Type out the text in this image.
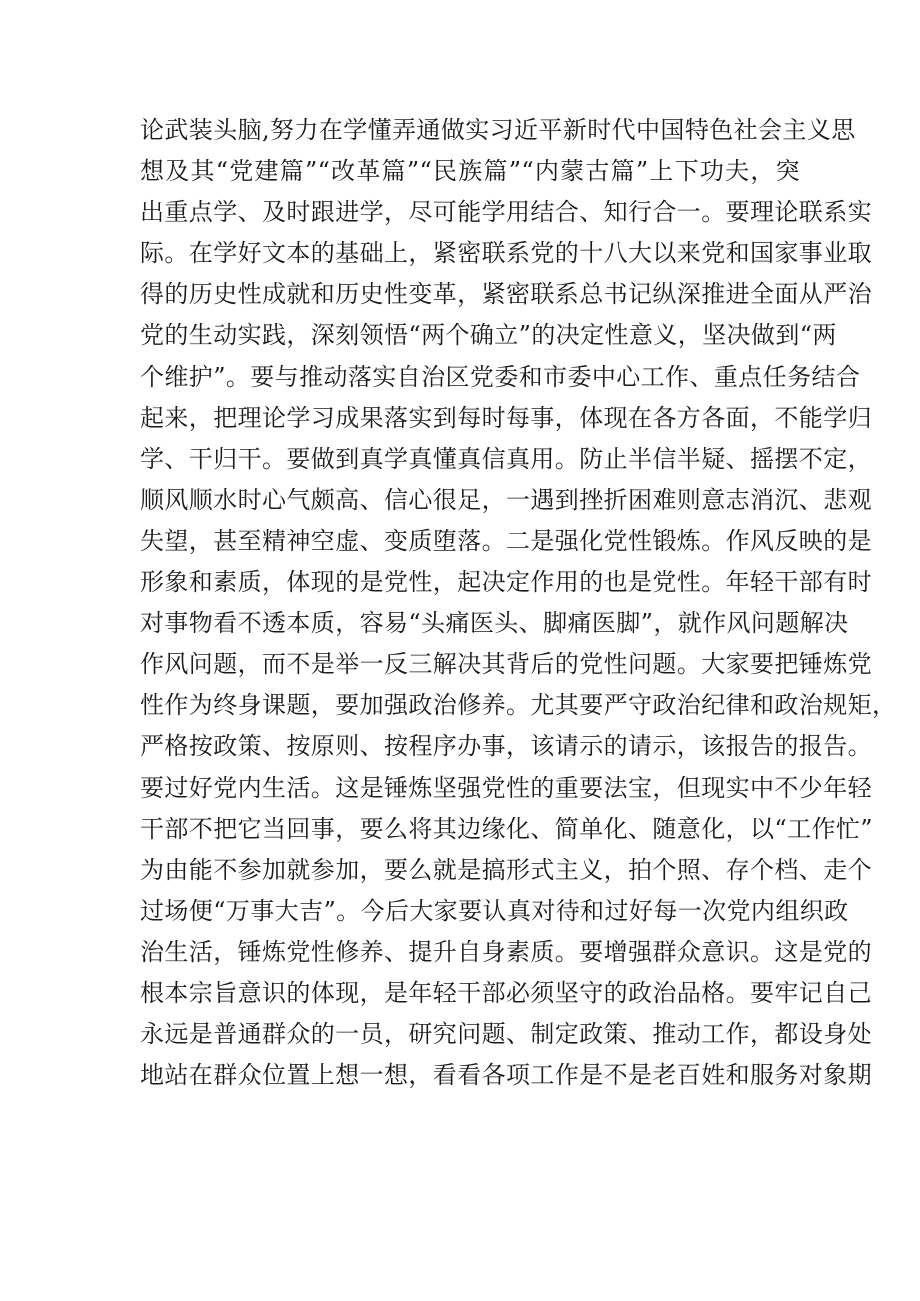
论武装头脑,努力在学懂弄通做实习近平新时代中国特色社会主义思
想及其“党建篇”“改革篇”“民族篇”“内蒙古篇”上下功夫，突
出重点学、及时跟进学，尽可能学用结合、知行合一。要理论联系实
际。在学好文本的基础上，紧密联系党的十八大以来党和国家事业取
得的历史性成就和历史性变革，紧密联系总书记纵深推进全面从严治
党的生动实践，深刻领悟“两个确立”的决定性意义，坚决做到“两
个维护”。要与推动落实自治区党委和市委中心工作、重点任务结合
起来，把理论学习成果落实到每时每事，体现在各方各面，不能学归
学、干归干。要做到真学真懂真信真用。防止半信半疑、摇摆不定，
顺风顺水时心气颇高、信心很足，一遇到挫折困难则意志消沉、悲观
失望，甚至精神空虚、变质堕落。二是强化党性锻炼。作风反映的是
形象和素质，体现的是党性，起决定作用的也是党性。年轻干部有时
对事物看不透本质，容易“头痛医头、脚痛医脚”，就作风问题解决
作风问题，而不是举一反三解决其背后的党性问题。大家要把锤炼党
性作为终身课题，要加强政治修养。尤其要严守政治纪律和政治规矩，
严格按政策、按原则、按程序办事，该请示的请示，该报告的报告。
要过好党内生活。这是锤炼坚强党性的重要法宝，但现实中不少年轻
干部不把它当回事，要么将其边缘化、简单化、随意化，以“工作忙”
为由能不参加就参加，要么就是搞形式主义，拍个照、存个档、走个
过场便“万事大吉”。今后大家要认真对待和过好每一次党内组织政
治生活，锤炼党性修养、提升自身素质。要增强群众意识。这是党的
根本宗旨意识的体现，是年轻干部必须坚守的政治品格。要牢记自己
永远是普通群众的一员，研究问题、制定政策、推动工作，都设身处
地站在群众位置上想一想，看看各项工作是不是老百姓和服务对象期
